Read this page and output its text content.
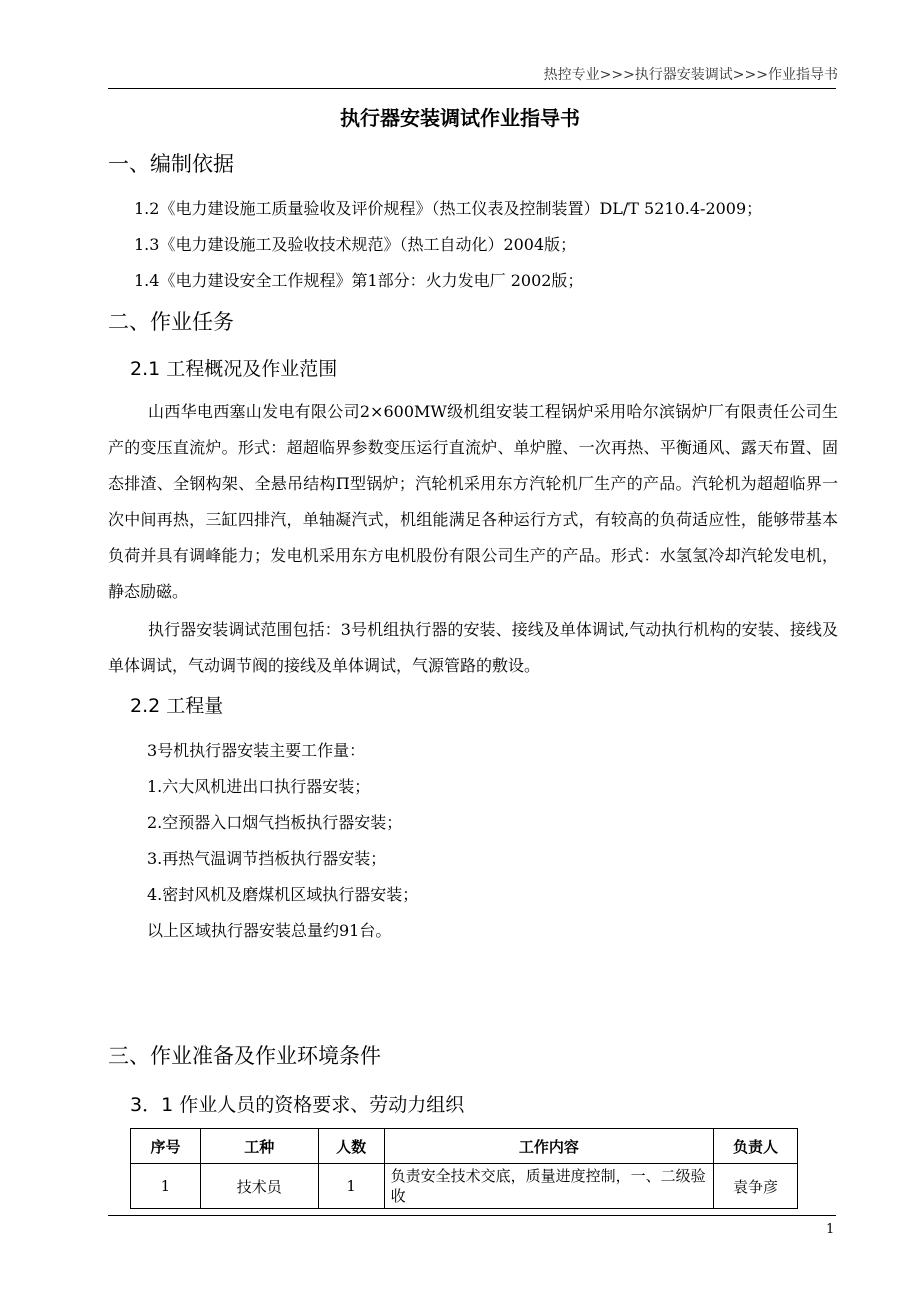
热控专业>>>执行器安装调试>>>作业指导书
执行器安装调试作业指导书
一、编制依据
1.2《电力建设施工质量验收及评价规程》（热工仪表及控制装置）DL/T 5210.4-2009；
1.3《电力建设施工及验收技术规范》（热工自动化）2004版；
1.4《电力建设安全工作规程》第1部分：火力发电厂 2002版；
二、作业任务
2.1 工程概况及作业范围
山西华电西塞山发电有限公司2×600MW级机组安装工程锅炉采用哈尔滨锅炉厂有限责任公司生产的变压直流炉。形式：超超临界参数变压运行直流炉、单炉膛、一次再热、平衡通风、露天布置、固态排渣、全钢构架、全悬吊结构Π型锅炉；汽轮机采用东方汽轮机厂生产的产品。汽轮机为超超临界一次中间再热，三缸四排汽，单轴凝汽式，机组能满足各种运行方式，有较高的负荷适应性，能够带基本负荷并具有调峰能力；发电机采用东方电机股份有限公司生产的产品。形式：水氢氢冷却汽轮发电机，静态励磁。
执行器安装调试范围包括：3号机组执行器的安装、接线及单体调试,气动执行机构的安装、接线及单体调试，气动调节阀的接线及单体调试，气源管路的敷设。
2.2 工程量
3号机执行器安装主要工作量：
1.六大风机进出口执行器安装；
2.空预器入口烟气挡板执行器安装；
3.再热气温调节挡板执行器安装；
4.密封风机及磨煤机区域执行器安装；
以上区域执行器安装总量约91台。
三、作业准备及作业环境条件
3．1 作业人员的资格要求、劳动力组织
序号	工种	人数	工作内容	负责人
1	技术员	1	负责安全技术交底，质量进度控制，一、二级验收	袁争彦
1
